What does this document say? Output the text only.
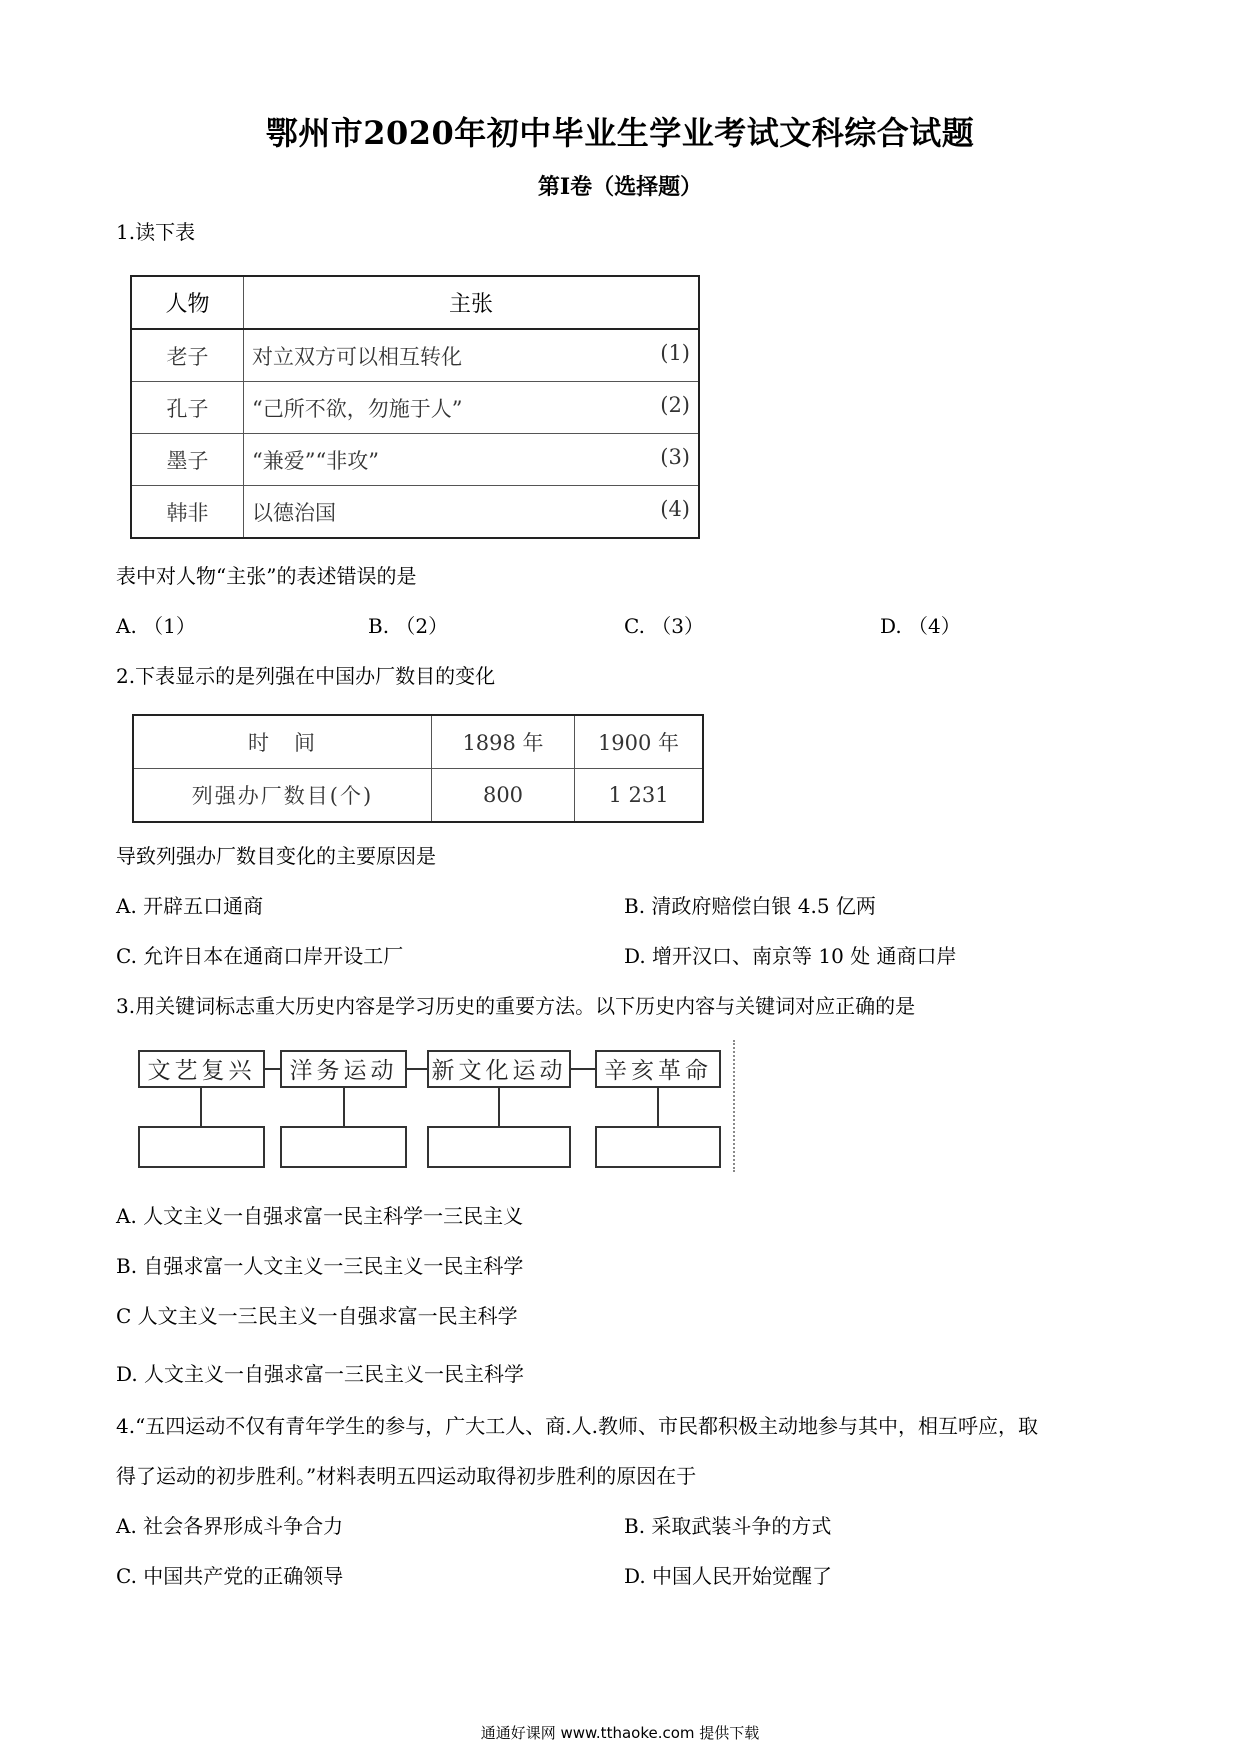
鄂州市2020年初中毕业生学业考试文科综合试题
第Ⅰ卷（选择题）
1.读下表
人物	主张
老子	对立双方可以相互转化 (1)

孔子	“己所不欲，勿施于人” (2)

墨子	“兼爱”“非攻” (3)

韩非	以德治国 (4)
表中对人物“主张”的表述错误的是
A. （1）	B. （2）	C. （3）	D. （4）
2.下表显示的是列强在中国办厂数目的变化
时　间	1898 年	1900 年
列强办厂数目(个)	800	1 231
导致列强办厂数目变化的主要原因是
A. 开辟五口通商	B. 清政府赔偿白银 4.5 亿两
C. 允许日本在通商口岸开设工厂	D. 增开汉口、南京等 10 处 通商口岸
3.用关键词标志重大历史内容是学习历史的重要方法。以下历史内容与关键词对应正确的是
文艺复兴	洋务运动	新文化运动	辛亥革命
A. 人文主义一自强求富一民主科学一三民主义
B. 自强求富一人文主义一三民主义一民主科学
C 人文主义一三民主义一自强求富一民主科学
D. 人文主义一自强求富一三民主义一民主科学
4.“五四运动不仅有青年学生的参与，广大工人、商.人.教师、市民都积极主动地参与其中，相互呼应，取
得了运动的初步胜利。”材料表明五四运动取得初步胜利的原因在于
A. 社会各界形成斗争合力	B. 采取武装斗争的方式
C. 中国共产党的正确领导	D. 中国人民开始觉醒了
通通好课网 www.tthaoke.com 提供下载
